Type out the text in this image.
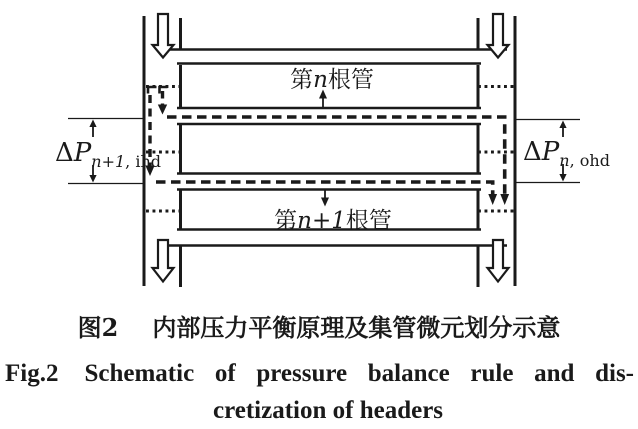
第n根管
第n+1根管
$\Delta P_{n+1}$, ihd	$\Delta P_n$, ohd
图2 内部压力平衡原理及集管微元划分示意
Fig.2 Schematic of pressure balance rule and dis-
cretization of headers
